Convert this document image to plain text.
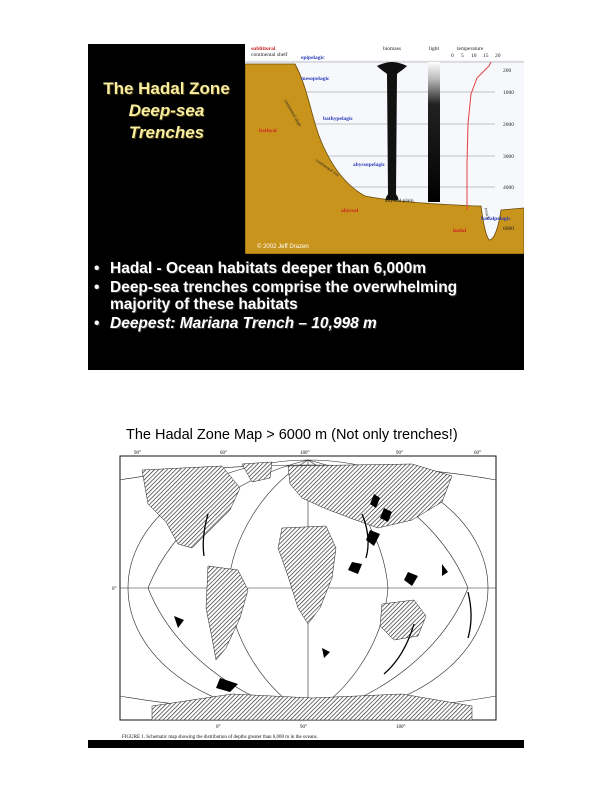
The Hadal Zone
Deep-sea
Trenches
sublittoral
continental shelf
biomass	light	temperature
0 5 10 15 20
epipelagic
mesopelagic
bathypelagic
abyssopelagic
hadalpelagic
bathyal
abyssal
hadal
abyssal plain
continental slope
continental rise
trench
200
1000
2000
3000
4000
6000
© 2002 Jeff Drazen
• Hadal - Ocean habitats deeper than 6,000m
• Deep-sea trenches comprise the overwhelming majority of these habitats
• Deepest: Mariana Trench – 10,998 m
The Hadal Zone Map > 6000 m (Not only trenches!)
90°	60°	180°	90°	60°
0°	90°	180°
0°
FIGURE 1. Schematic map showing the distribution of depths greater than 6,000 m in the oceans.
